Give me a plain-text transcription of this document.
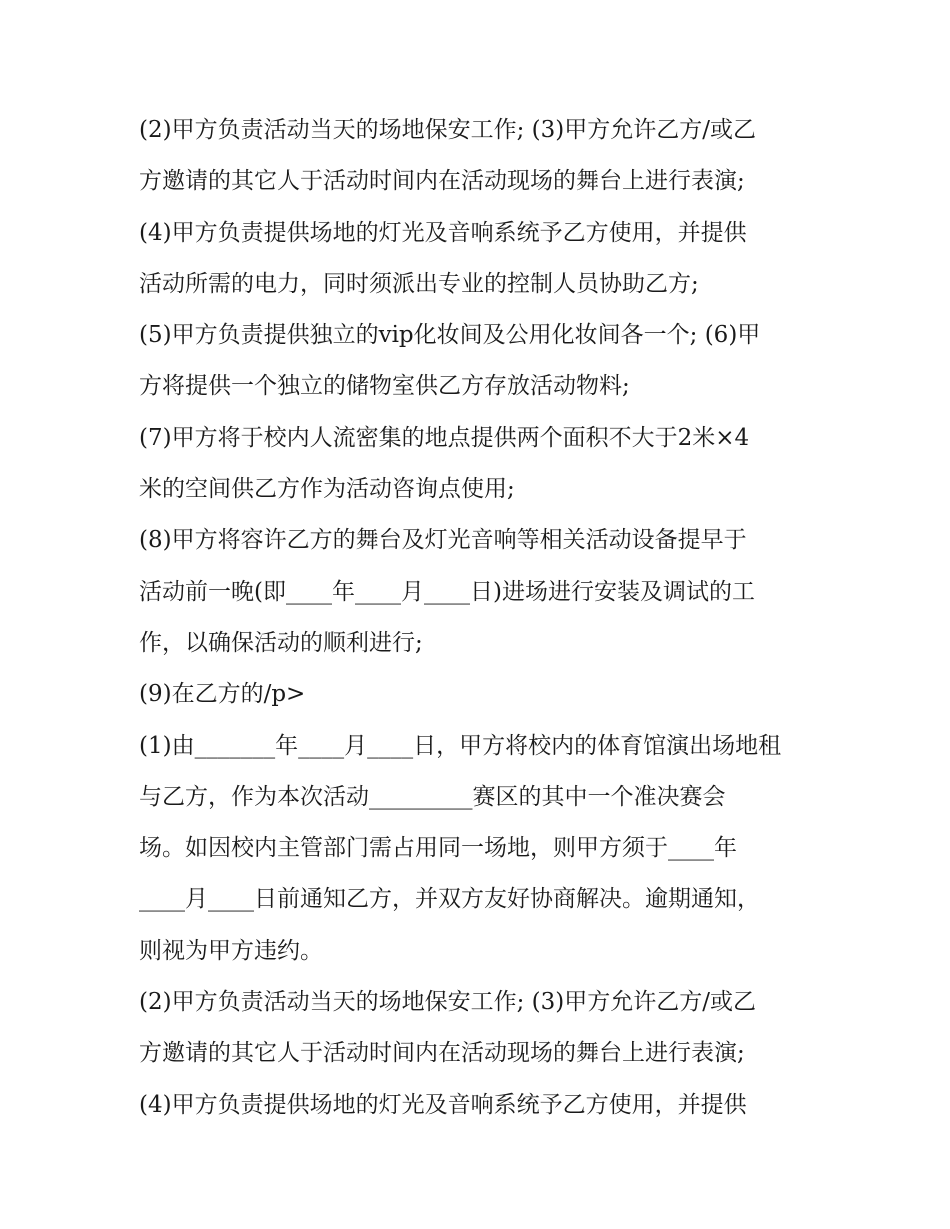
(2)甲方负责活动当天的场地保安工作; (3)甲方允许乙方/或乙
方邀请的其它人于活动时间内在活动现场的舞台上进行表演;
(4)甲方负责提供场地的灯光及音响系统予乙方使用，并提供
活动所需的电力，同时须派出专业的控制人员协助乙方;
(5)甲方负责提供独立的vip化妆间及公用化妆间各一个; (6)甲
方将提供一个独立的储物室供乙方存放活动物料;
(7)甲方将于校内人流密集的地点提供两个面积不大于2米×4
米的空间供乙方作为活动咨询点使用;
(8)甲方将容许乙方的舞台及灯光音响等相关活动设备提早于
活动前一晚(即____年____月____日)进场进行安装及调试的工
作，以确保活动的顺利进行;
(9)在乙方的/p>
(1)由_______年____月____日，甲方将校内的体育馆演出场地租
与乙方，作为本次活动_________赛区的其中一个准决赛会
场。如因校内主管部门需占用同一场地，则甲方须于____年
____月____日前通知乙方，并双方友好协商解决。逾期通知，
则视为甲方违约。
(2)甲方负责活动当天的场地保安工作; (3)甲方允许乙方/或乙
方邀请的其它人于活动时间内在活动现场的舞台上进行表演;
(4)甲方负责提供场地的灯光及音响系统予乙方使用，并提供
